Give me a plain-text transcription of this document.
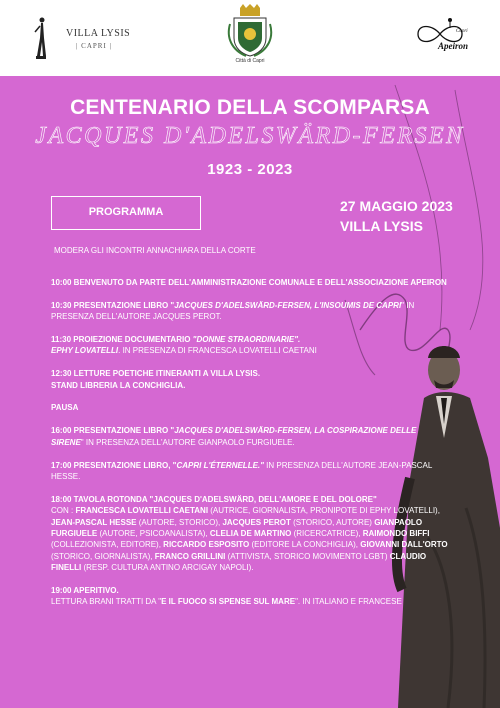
VILLA LYSIS
| CAPRI |
Città di Capri
Capri
Apeiron
CENTENARIO DELLA SCOMPARSA
JACQUES D'ADELSWÄRD-FERSEN
1923 - 2023
PROGRAMMA	27 MAGGIO 2023
VILLA LYSIS
MODERA GLI INCONTRI ANNACHIARA DELLA CORTE

10:00 BENVENUTO DA PARTE DELL'AMMINISTRAZIONE COMUNALE E DELL'ASSOCIAZIONE APEIRON

10:30 PRESENTAZIONE LIBRO "JACQUES D'ADELSWÄRD-FERSEN, L'INSOUMIS DE CAPRI" IN PRESENZA DELL'AUTORE JACQUES PEROT.

11:30 PROIEZIONE DOCUMENTARIO "DONNE STRAORDINARIE".
EPHY LOVATELLI. IN PRESENZA DI FRANCESCA LOVATELLI CAETANI

12:30 LETTURE POETICHE ITINERANTI A VILLA LYSIS.
STAND LIBRERIA LA CONCHIGLIA.

PAUSA

16:00 PRESENTAZIONE LIBRO "JACQUES D'ADELSWÄRD-FERSEN, LA COSPIRAZIONE DELLE SIRENE" IN PRESENZA DELL'AUTORE GIANPAOLO FURGIUELE.

17:00 PRESENTAZIONE LIBRO, "CAPRI L'ÉTERNELLE." IN PRESENZA DELL'AUTORE JEAN-PASCAL HESSE.

18:00 TAVOLA ROTONDA "JACQUES D'ADELSWÄRD, DELL'AMORE E DEL DOLORE"
CON : FRANCESCA LOVATELLI CAETANI (AUTRICE, GIORNALISTA, PRONIPOTE DI EPHY LOVATELLI), JEAN-PASCAL HESSE (AUTORE, STORICO), JACQUES PEROT (STORICO, AUTORE) GIANPAOLO FURGIUELE (AUTORE, PSICOANALISTA), CLELIA DE MARTINO (RICERCATRICE), RAIMONDO BIFFI (COLLEZIONISTA, EDITORE), RICCARDO ESPOSITO (EDITORE LA CONCHIGLIA), GIOVANNI DALL'ORTO (STORICO, GIORNALISTA), FRANCO GRILLINI (ATTIVISTA, STORICO MOVIMENTO LGBT) CLAUDIO FINELLI (RESP. CULTURA ANTINO ARCIGAY NAPOLI).

19:00 APERITIVO.
LETTURA BRANI TRATTI DA "E IL FUOCO SI SPENSE SUL MARE". IN ITALIANO E FRANCESE
